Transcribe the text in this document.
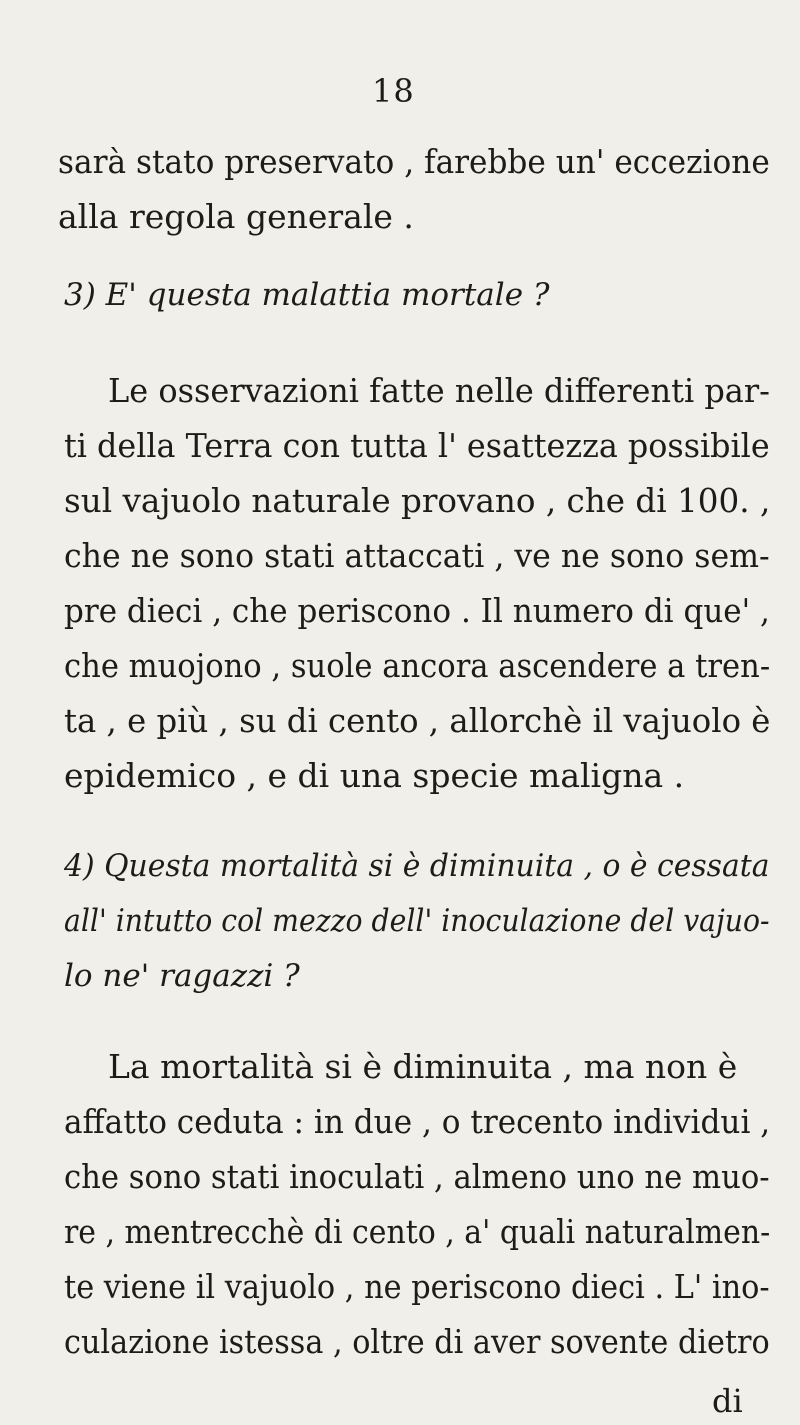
18
sarà stato preservato , farebbe un' eccezione
alla regola generale .
3) E' questa malattia mortale ?
Le osservazioni fatte nelle differenti par-
ti della Terra con tutta l' esattezza possibile
sul vajuolo naturale provano , che di 100. ,
che ne sono stati attaccati , ve ne sono sem-
pre dieci , che periscono . Il numero di que' ,
che muojono , suole ancora ascendere a tren-
ta , e più , su di cento , allorchè il vajuolo è
epidemico , e di una specie maligna .
4) Questa mortalità si è diminuita , o è cessata
all' intutto col mezzo dell' inoculazione del vajuo-
lo ne' ragazzi ?
La mortalità si è diminuita , ma non è
affatto ceduta : in due , o trecento individui ,
che sono stati inoculati , almeno uno ne muo-
re , mentrecchè di cento , a' quali naturalmen-
te viene il vajuolo , ne periscono dieci . L' ino-
culazione istessa , oltre di aver sovente dietro
di
